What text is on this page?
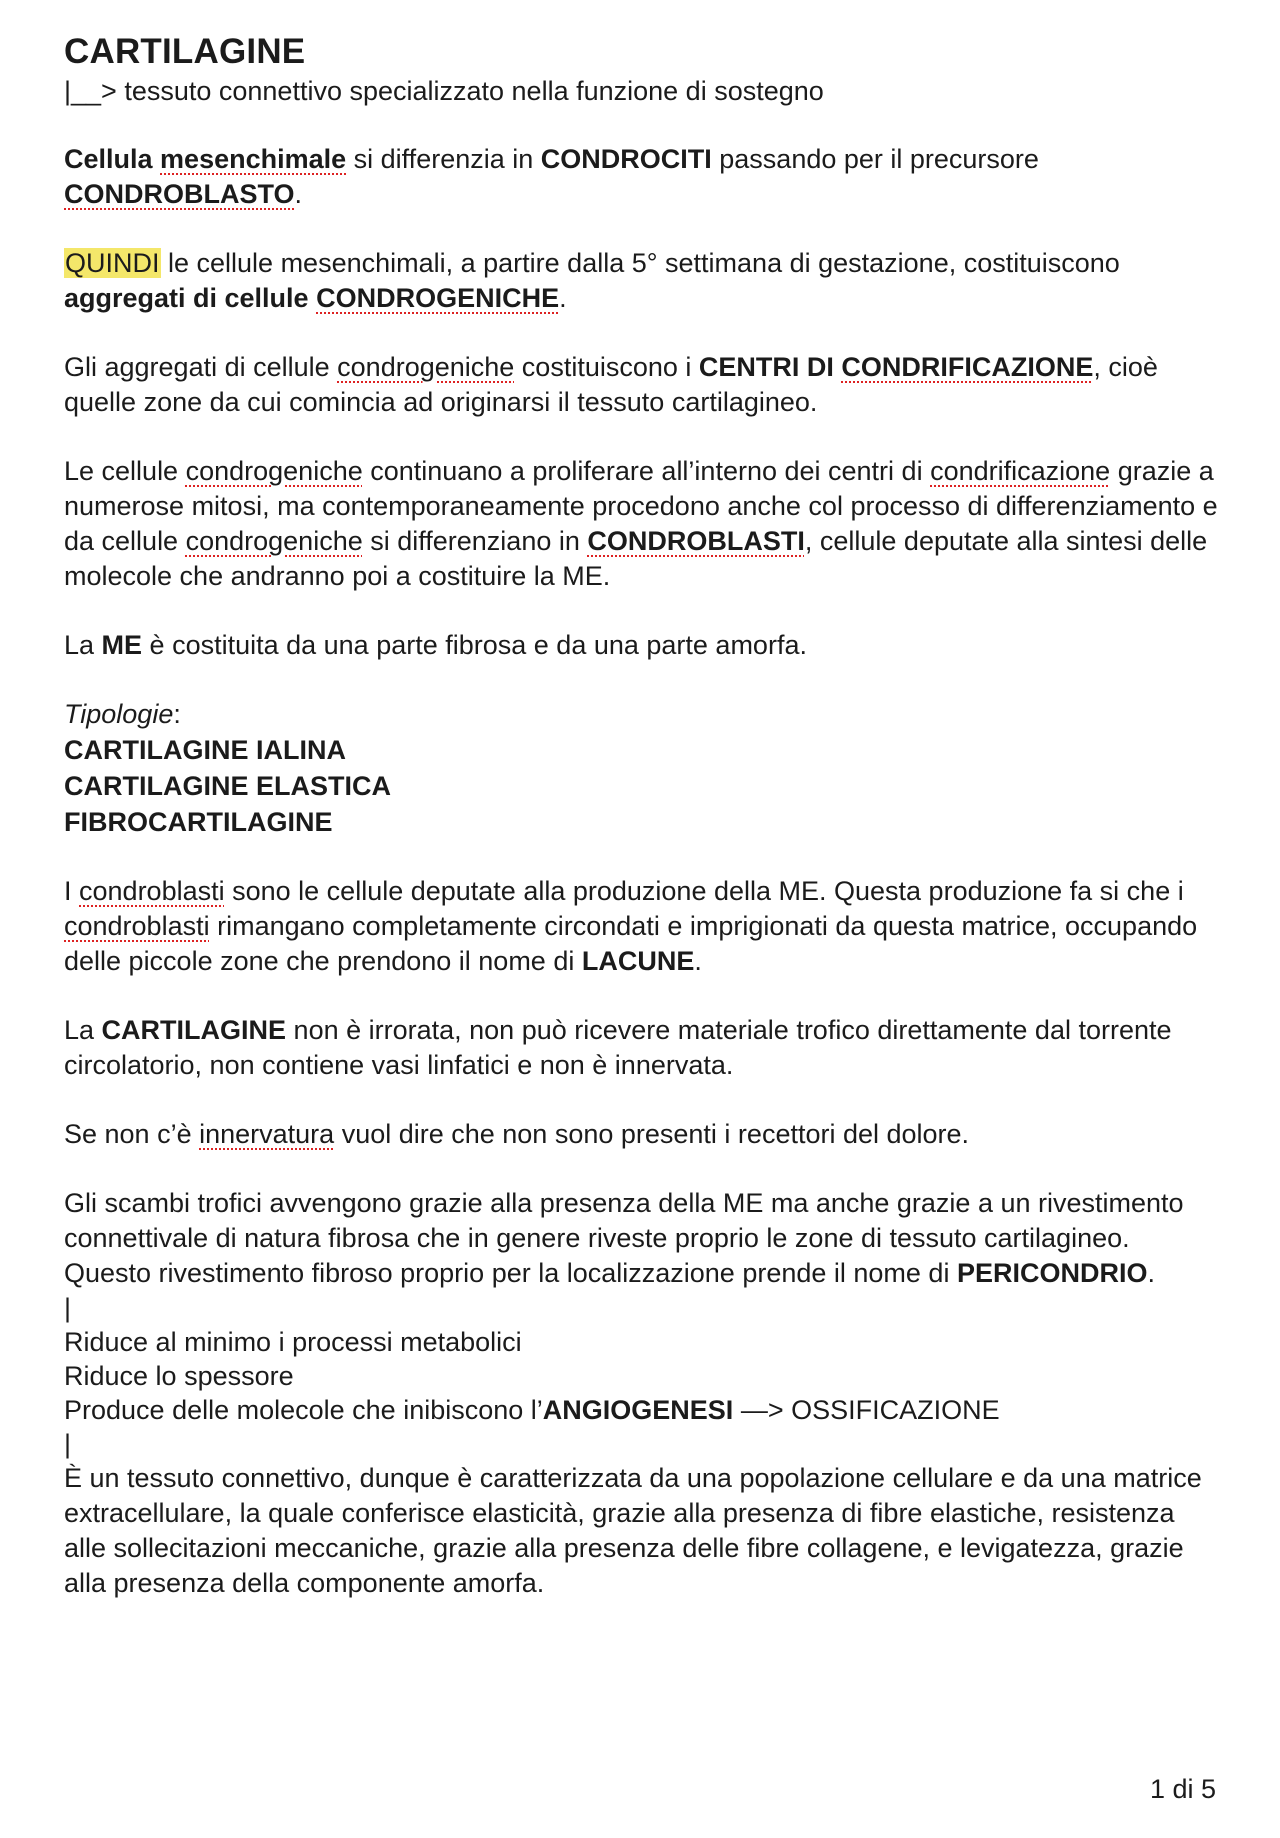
CARTILAGINE
|__> tessuto connettivo specializzato nella funzione di sostegno

Cellula mesenchimale si differenzia in CONDROCITI passando per il precursore CONDROBLASTO.

QUINDI le cellule mesenchimali, a partire dalla 5° settimana di gestazione, costituiscono aggregati di cellule CONDROGENICHE.

Gli aggregati di cellule condrogeniche costituiscono i CENTRI DI CONDRIFICAZIONE, cioè quelle zone da cui comincia ad originarsi il tessuto cartilagineo.

Le cellule condrogeniche continuano a proliferare all’interno dei centri di condrificazione grazie a numerose mitosi, ma contemporaneamente procedono anche col processo di differenziamento e da cellule condrogeniche si differenziano in CONDROBLASTI, cellule deputate alla sintesi delle molecole che andranno poi a costituire la ME.

La ME è costituita da una parte fibrosa e da una parte amorfa.

Tipologie:

CARTILAGINE IALINA
CARTILAGINE ELASTICA
FIBROCARTILAGINE

I condroblasti sono le cellule deputate alla produzione della ME. Questa produzione fa si che i condroblasti rimangano completamente circondati e imprigionati da questa matrice, occupando delle piccole zone che prendono il nome di LACUNE.

La CARTILAGINE non è irrorata, non può ricevere materiale trofico direttamente dal torrente circolatorio, non contiene vasi linfatici e non è innervata.

Se non c’è innervatura vuol dire che non sono presenti i recettori del dolore.

Gli scambi trofici avvengono grazie alla presenza della ME ma anche grazie a un rivestimento connettivale di natura fibrosa che in genere riveste proprio le zone di tessuto cartilagineo. Questo rivestimento fibroso proprio per la localizzazione prende il nome di PERICONDRIO.

|
Riduce al minimo i processi metabolici
Riduce lo spessore
Produce delle molecole che inibiscono l’ANGIOGENESI —> OSSIFICAZIONE
|

È un tessuto connettivo, dunque è caratterizzata da una popolazione cellulare e da una matrice extracellulare, la quale conferisce elasticità, grazie alla presenza di fibre elastiche, resistenza alle sollecitazioni meccaniche, grazie alla presenza delle fibre collagene, e levigatezza, grazie alla presenza della componente amorfa.

1 di 5
